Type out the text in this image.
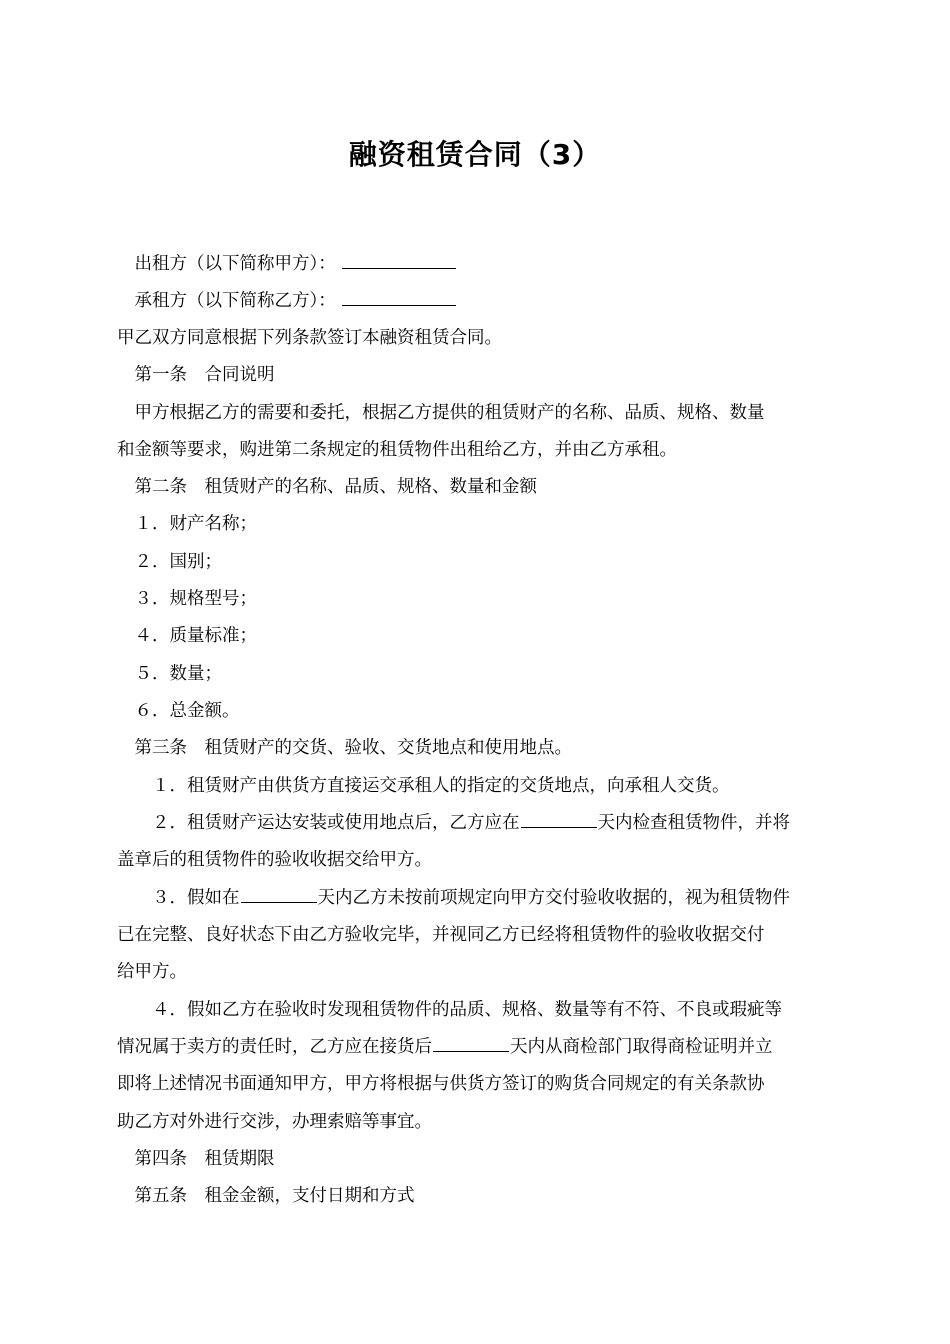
融资租赁合同（3）
　出租方（以下简称甲方）：
　承租方（以下简称乙方）：
甲乙双方同意根据下列条款签订本融资租赁合同。
　第一条　合同说明
　甲方根据乙方的需要和委托，根据乙方提供的租赁财产的名称、品质、规格、数量
和金额等要求，购进第二条规定的租赁物件出租给乙方，并由乙方承租。
　第二条　租赁财产的名称、品质、规格、数量和金额
　１．财产名称；
　２．国别；
　３．规格型号；
　４．质量标准；
　５．数量；
　６．总金额。
　第三条　租赁财产的交货、验收、交货地点和使用地点。
　　１．租赁财产由供货方直接运交承租人的指定的交货地点，向承租人交货。
　　２．租赁财产运达安装或使用地点后，乙方应在	天内检查租赁物件，并将
盖章后的租赁物件的验收收据交给甲方。
　　３．假如在	天内乙方未按前项规定向甲方交付验收收据的，视为租赁物件
已在完整、良好状态下由乙方验收完毕，并视同乙方已经将租赁物件的验收收据交付
给甲方。
　　４．假如乙方在验收时发现租赁物件的品质、规格、数量等有不符、不良或瑕疵等
情况属于卖方的责任时，乙方应在接货后	天内从商检部门取得商检证明并立
即将上述情况书面通知甲方，甲方将根据与供货方签订的购货合同规定的有关条款协
助乙方对外进行交涉，办理索赔等事宜。
　第四条　租赁期限
　第五条　租金金额，支付日期和方式
